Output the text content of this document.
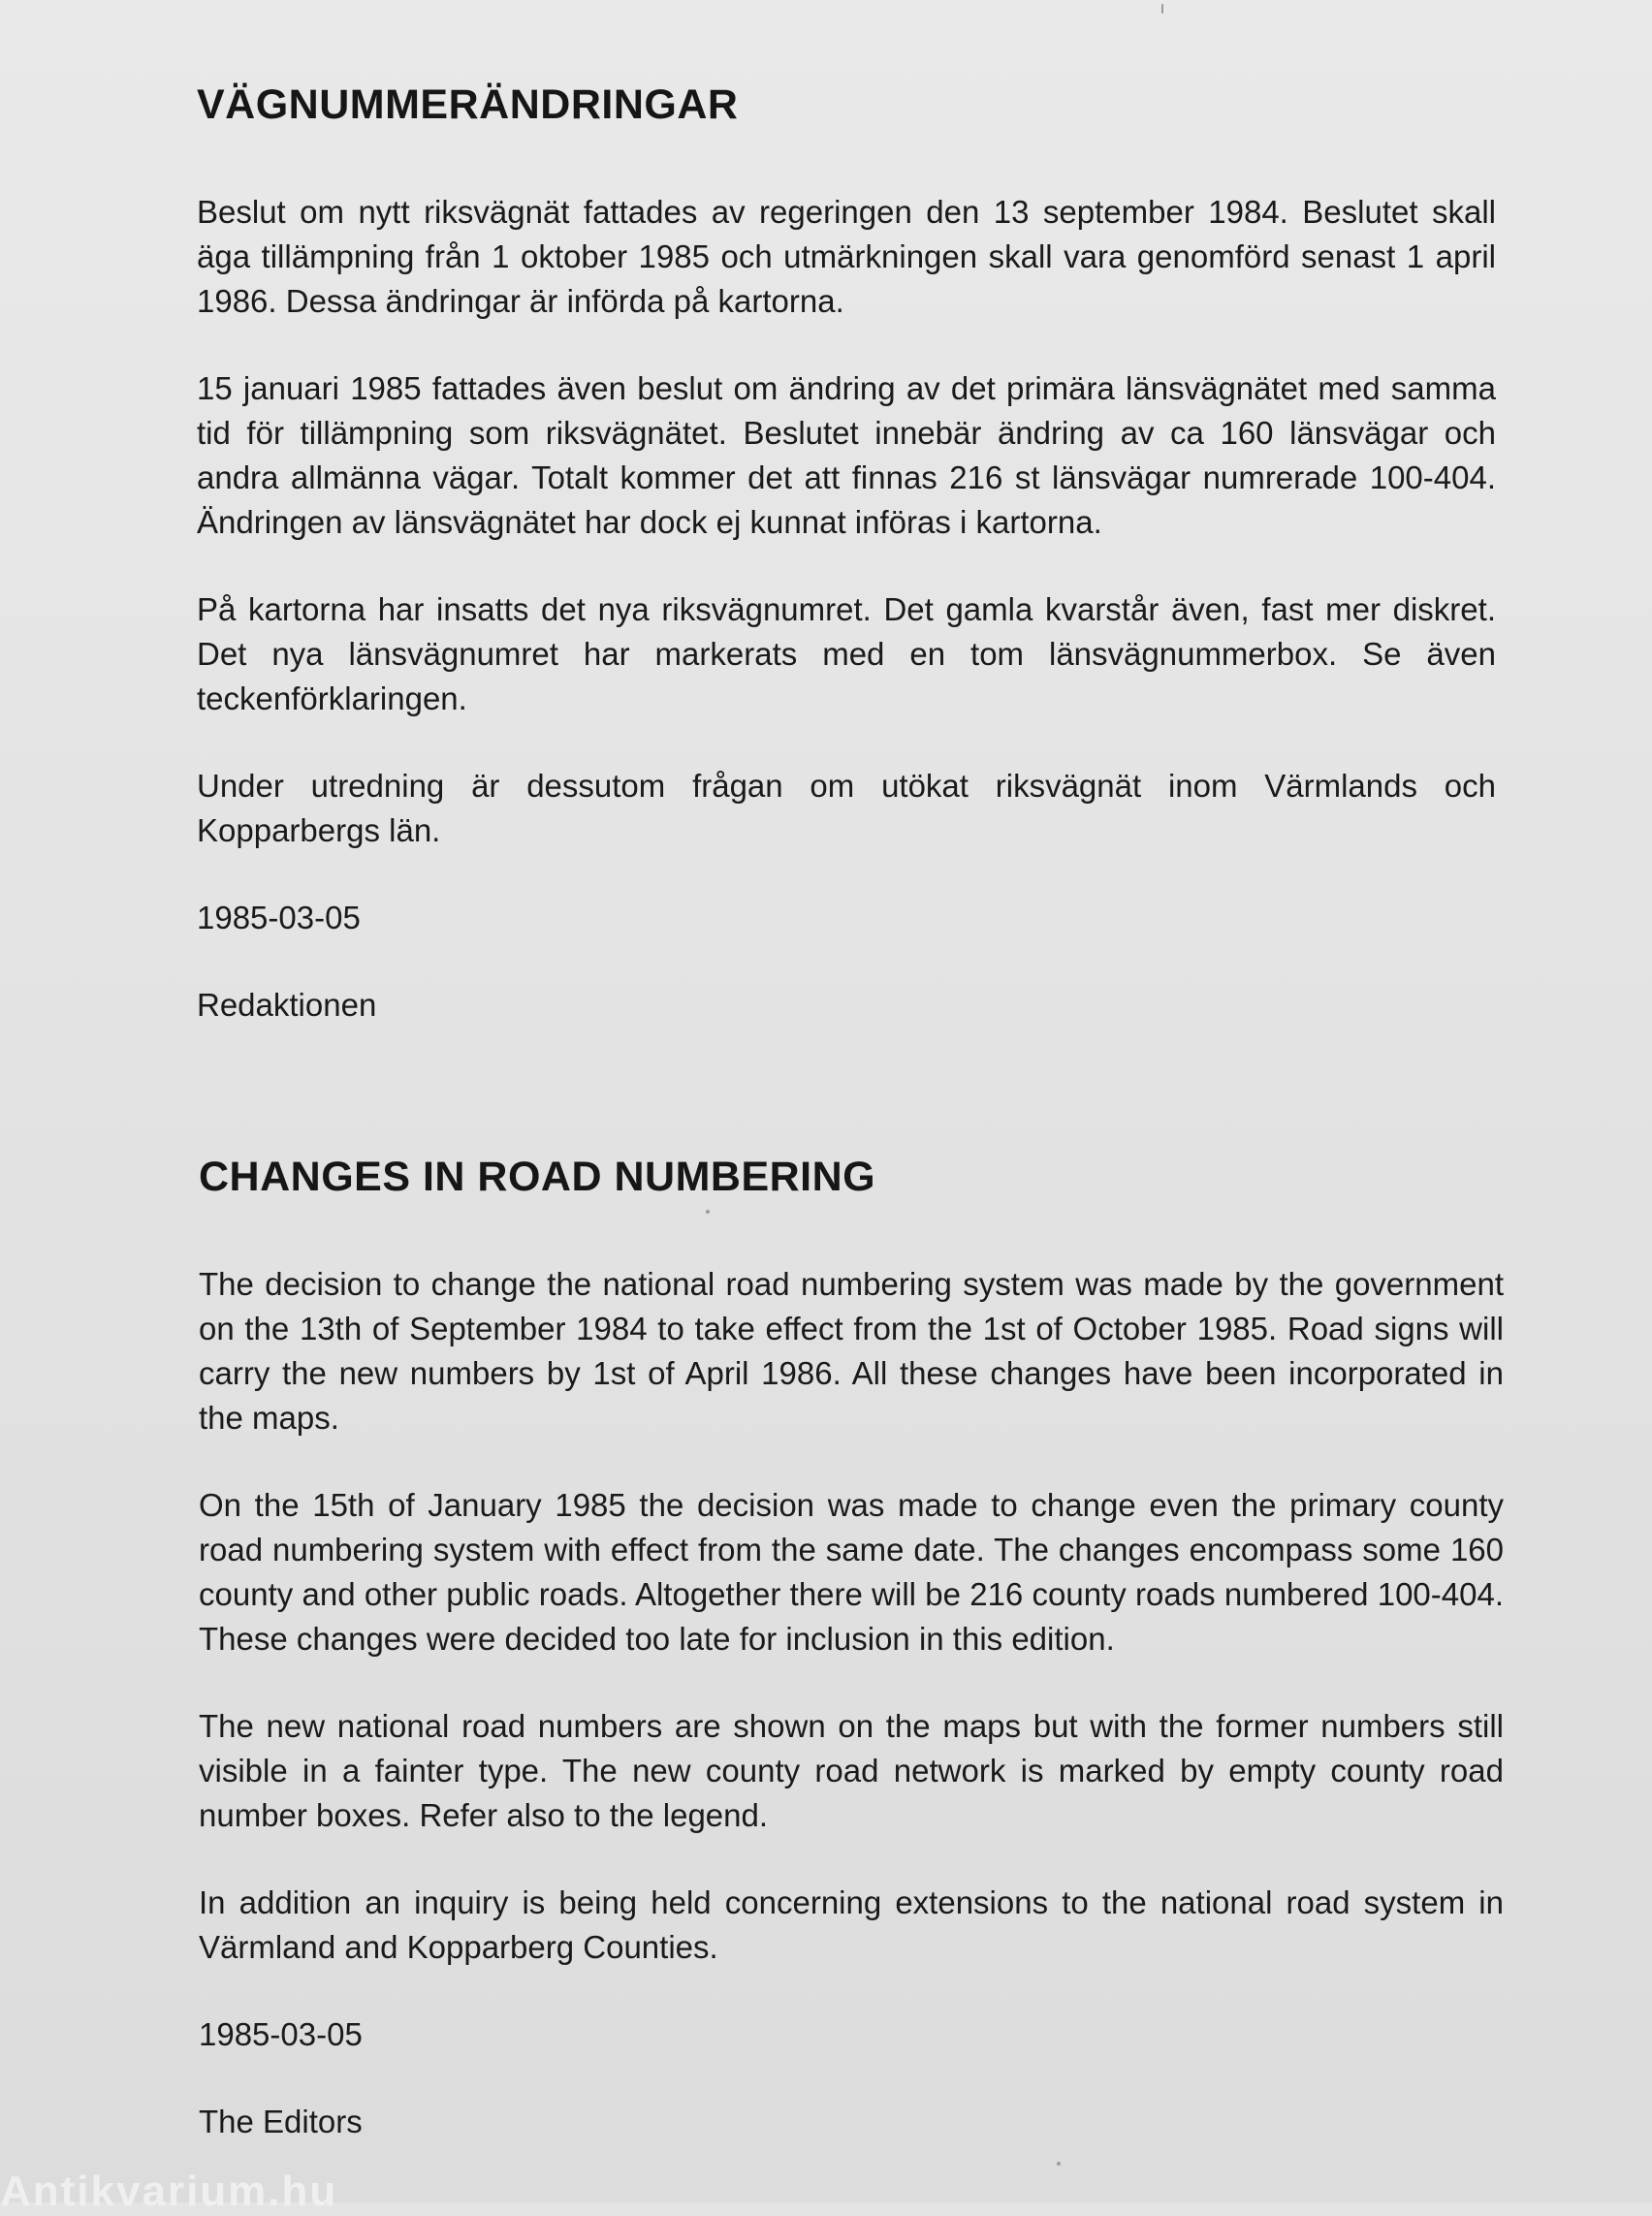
VÄGNUMMERÄNDRINGAR

Beslut om nytt riksvägnät fattades av regeringen den 13 september 1984. Beslutet skall äga tillämpning från 1 oktober 1985 och utmärkningen skall vara genomförd senast 1 april 1986. Dessa ändringar är införda på kartorna.

15 januari 1985 fattades även beslut om ändring av det primära länsvägnätet med samma tid för tillämpning som riksvägnätet. Beslutet innebär ändring av ca 160 länsvägar och andra allmänna vägar. Totalt kommer det att finnas 216 st länsvägar numrerade 100-404. Ändringen av länsvägnätet har dock ej kunnat införas i kartorna.

På kartorna har insatts det nya riksvägnumret. Det gamla kvarstår även, fast mer diskret. Det nya länsvägnumret har markerats med en tom länsvägnummerbox. Se även teckenförklaringen.

Under utredning är dessutom frågan om utökat riksvägnät inom Värmlands och Kopparbergs län.

1985-03-05

Redaktionen

CHANGES IN ROAD NUMBERING

The decision to change the national road numbering system was made by the government on the 13th of September 1984 to take effect from the 1st of October 1985. Road signs will carry the new numbers by 1st of April 1986. All these changes have been incorporated in the maps.

On the 15th of January 1985 the decision was made to change even the primary county road numbering system with effect from the same date. The changes encompass some 160 county and other public roads. Altogether there will be 216 county roads numbered 100-404. These changes were decided too late for inclusion in this edition.

The new national road numbers are shown on the maps but with the former numbers still visible in a fainter type. The new county road network is marked by empty county road number boxes. Refer also to the legend.

In addition an inquiry is being held concerning extensions to the national road system in Värmland and Kopparberg Counties.

1985-03-05

The Editors

Antikvarium.hu
